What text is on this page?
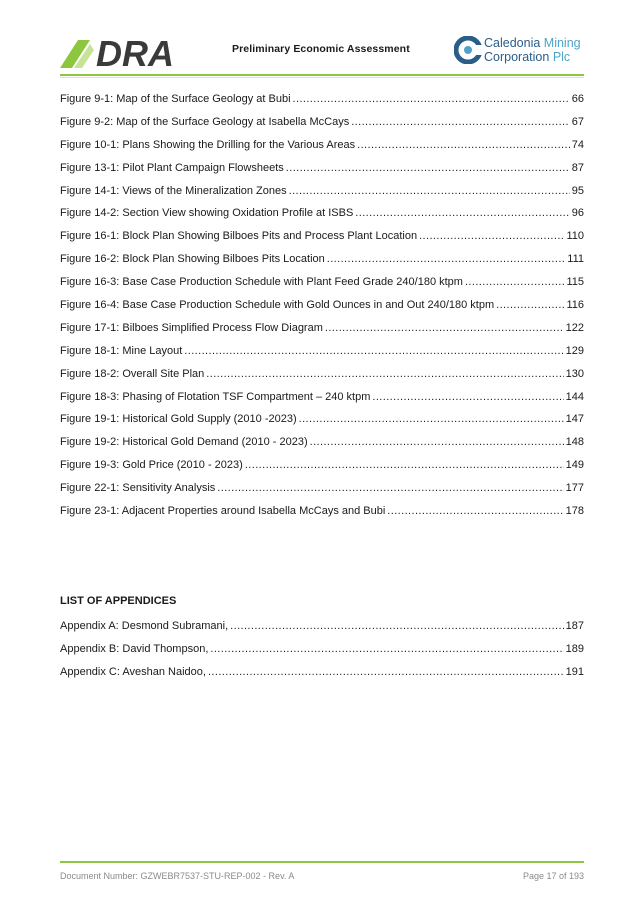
DRA	Preliminary Economic Assessment	Caledonia Mining
Corporation Plc
Figure 9-1: Map of the Surface Geology at Bubi .....	66
Figure 9-2: Map of the Surface Geology at Isabella McCays .....	67
Figure 10-1: Plans Showing the Drilling for the Various Areas .....	74
Figure 13-1: Pilot Plant Campaign Flowsheets .....	87
Figure 14-1: Views of the Mineralization Zones .....	95
Figure 14-2: Section View showing Oxidation Profile at ISBS .....	96
Figure 16-1: Block Plan Showing Bilboes Pits and Process Plant Location .....	110
Figure 16-2: Block Plan Showing Bilboes Pits Location .....	111
Figure 16-3: Base Case Production Schedule with Plant Feed Grade 240/180 ktpm .....	115
Figure 16-4: Base Case Production Schedule with Gold Ounces in and Out 240/180 ktpm .....	116
Figure 17-1: Bilboes Simplified Process Flow Diagram .....	122
Figure 18-1: Mine Layout .....	129
Figure 18-2: Overall Site Plan .....	130
Figure 18-3: Phasing of Flotation TSF Compartment – 240 ktpm .....	144
Figure 19-1: Historical Gold Supply (2010 -2023) .....	147
Figure 19-2: Historical Gold Demand (2010 - 2023) .....	148
Figure 19-3: Gold Price (2010 - 2023) .....	149
Figure 22-1: Sensitivity Analysis .....	177
Figure 23-1: Adjacent Properties around Isabella McCays and Bubi .....	178
LIST OF APPENDICES
Appendix A: Desmond Subramani, .....	187
Appendix B: David Thompson, .....	189
Appendix C: Aveshan Naidoo, .....	191
Document Number: GZWEBR7537-STU-REP-002 - Rev. A	Page 17 of 193
